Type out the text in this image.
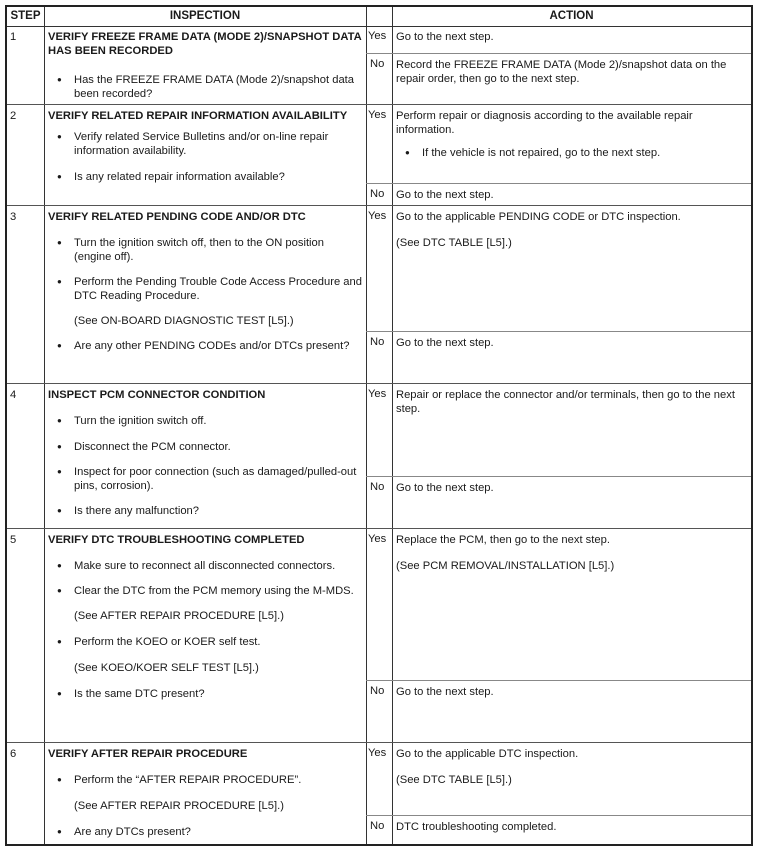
STEP	INSPECTION	ACTION
1	VERIFY FREEZE FRAME DATA (MODE 2)/SNAPSHOT DATA HAS BEEN RECORDED
● Has the FREEZE FRAME DATA (Mode 2)/snapshot data been recorded?
Yes Go to the next step.
No Record the FREEZE FRAME DATA (Mode 2)/snapshot data on the repair order, then go to the next step.
2	VERIFY RELATED REPAIR INFORMATION AVAILABILITY
● Verify related Service Bulletins and/or on-line repair information availability.
● Is any related repair information available?
Yes Perform repair or diagnosis according to the available repair information.
● If the vehicle is not repaired, go to the next step.
No Go to the next step.
3	VERIFY RELATED PENDING CODE AND/OR DTC
● Turn the ignition switch off, then to the ON position (engine off).
● Perform the Pending Trouble Code Access Procedure and DTC Reading Procedure.
(See ON-BOARD DIAGNOSTIC TEST [L5].)
● Are any other PENDING CODEs and/or DTCs present?
Yes Go to the applicable PENDING CODE or DTC inspection.
(See DTC TABLE [L5].)
No Go to the next step.
4	INSPECT PCM CONNECTOR CONDITION
● Turn the ignition switch off.
● Disconnect the PCM connector.
● Inspect for poor connection (such as damaged/pulled-out pins, corrosion).
● Is there any malfunction?
Yes Repair or replace the connector and/or terminals, then go to the next step.
No Go to the next step.
5	VERIFY DTC TROUBLESHOOTING COMPLETED
● Make sure to reconnect all disconnected connectors.
● Clear the DTC from the PCM memory using the M-MDS.
(See AFTER REPAIR PROCEDURE [L5].)
● Perform the KOEO or KOER self test.
(See KOEO/KOER SELF TEST [L5].)
● Is the same DTC present?
Yes Replace the PCM, then go to the next step.
(See PCM REMOVAL/INSTALLATION [L5].)
No Go to the next step.
6	VERIFY AFTER REPAIR PROCEDURE
● Perform the “AFTER REPAIR PROCEDURE”.
(See AFTER REPAIR PROCEDURE [L5].)
● Are any DTCs present?
Yes Go to the applicable DTC inspection.
(See DTC TABLE [L5].)
No DTC troubleshooting completed.
